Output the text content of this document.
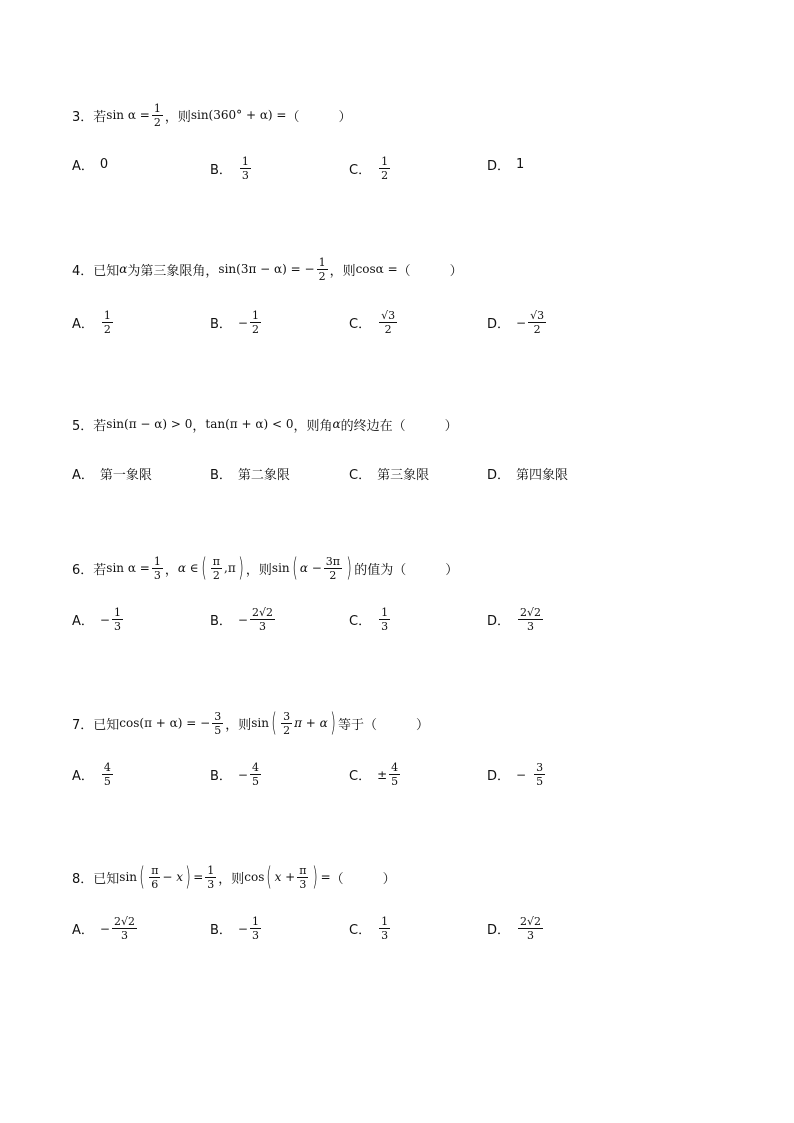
3． 若 $\sin \alpha = \frac{1}{2}$ ，则 sin(360° + α) = （　　　）
A． 0	B． $\frac{1}{3}$	C． $\frac{1}{2}$	D． 1
4． 已知 α 为第三象限角， sin(3π − α) = − $\frac{1}{2}$ ，则 cosα = （　　　）
A． $\frac{1}{2}$	B． − $\frac{1}{2}$	C． $\frac{√3}{2}$	D． − $\frac{√3}{2}$
5． 若 sin(π − α) > 0 ， tan(π + α) < 0 ，则角 α 的终边在 （　　　）
A． 第一象限	B． 第二象限	C． 第三象限	D． 第四象限
6． 若 $\sin \alpha = \frac{1}{3}$ ， α ∈ ( $\frac{\pi}{2}$ , π ) ，则 sin ( $\alpha - \frac{3\pi}{2}$ ) 的值为 （　　　）
A． − $\frac{1}{3}$	B． − $\frac{2√2}{3}$	C． $\frac{1}{3}$	D． $\frac{2√2}{3}$
7． 已知 cos(π + α) = − $\frac{3}{5}$ ，则 sin ( $\frac{3}{2}$ π + α ) 等于 （　　　）
A． $\frac{4}{5}$	B． − $\frac{4}{5}$	C． ± $\frac{4}{5}$	D． − $\frac{3}{5}$
8． 已知 sin ( $\frac{\pi}{6} - x$ ) = $\frac{1}{3}$ ，则 cos ( $x + \frac{\pi}{3}$ ) = （　　　）
A． − $\frac{2√2}{3}$	B． − $\frac{1}{3}$	C． $\frac{1}{3}$	D． $\frac{2√2}{3}$
